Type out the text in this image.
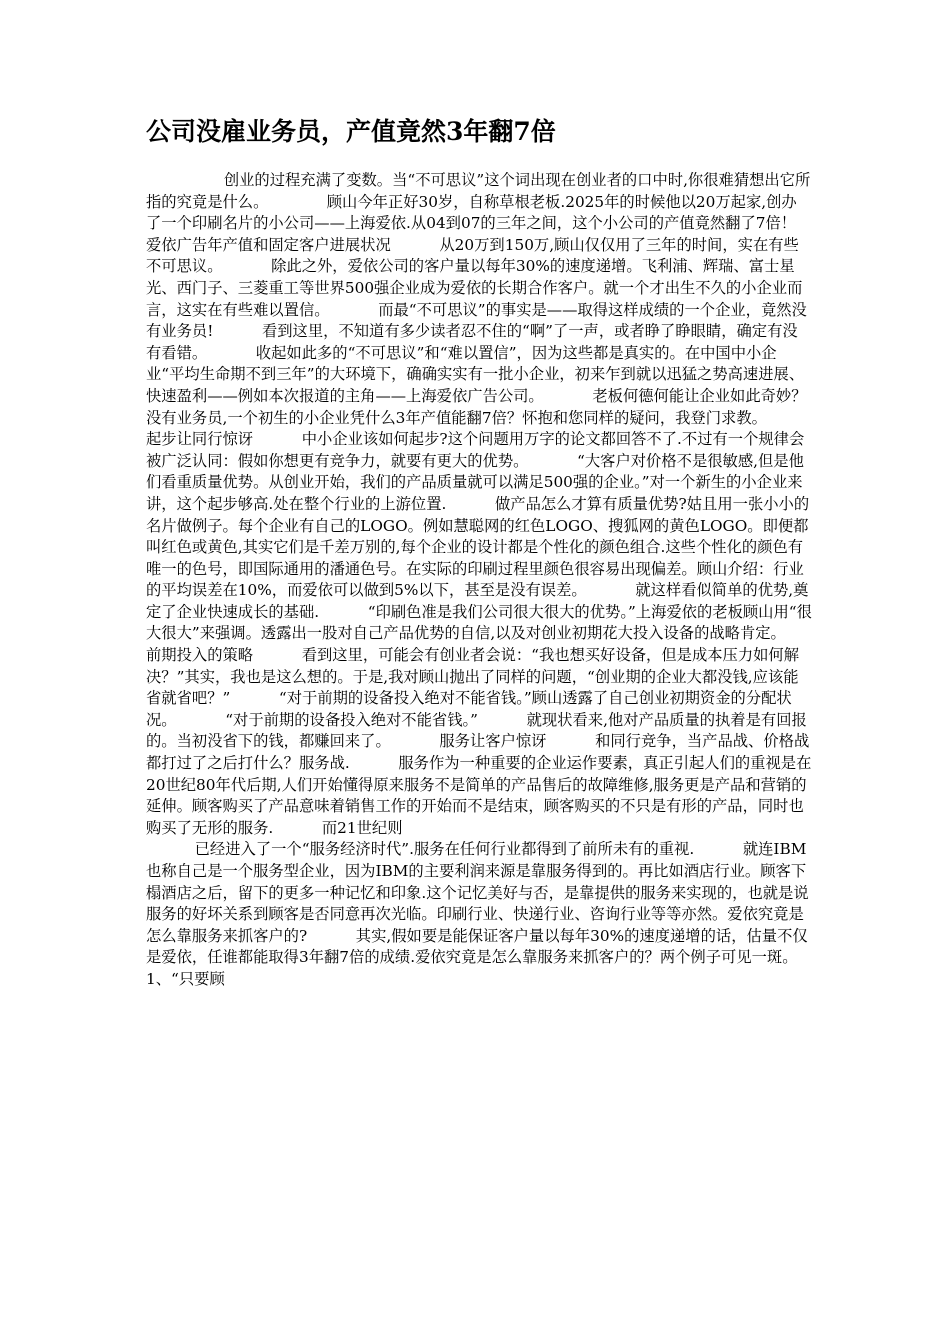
公司没雇业务员，产值竟然3年翻7倍

创业的过程充满了变数。当“不可思议”这个词出现在创业者的口中时,你很难猜想出它所指的究竟是什么。            顾山今年正好30岁，自称草根老板.2025年的时候他以20万起家,创办了一个印刷名片的小公司——上海爱依.从04到07的三年之间，这个小公司的产值竟然翻了7倍！          爱依广告年产值和固定客户进展状况          从20万到150万,顾山仅仅用了三年的时间，实在有些不可思议。          除此之外，爱依公司的客户量以每年30%的速度递增。飞利浦、辉瑞、富士星光、西门子、三菱重工等世界500强企业成为爱依的长期合作客户。就一个才出生不久的小企业而言，这实在有些难以置信。          而最“不可思议”的事实是——取得这样成绩的一个企业，竟然没有业务员!          看到这里，不知道有多少读者忍不住的“啊”了一声，或者睁了睁眼睛，确定有没有看错。          收起如此多的“不可思议”和“难以置信”，因为这些都是真实的。在中国中小企业“平均生命期不到三年”的大环境下，确确实实有一批小企业，初来乍到就以迅猛之势高速进展、快速盈利——例如本次报道的主角——上海爱依广告公司。          老板何德何能让企业如此奇妙？没有业务员,一个初生的小企业凭什么3年产值能翻7倍？怀抱和您同样的疑问，我登门求教。          起步让同行惊讶          中小企业该如何起步?这个问题用万字的论文都回答不了.不过有一个规律会被广泛认同：假如你想更有竞争力，就要有更大的优势。          “大客户对价格不是很敏感,但是他们看重质量优势。从创业开始，我们的产品质量就可以满足500强的企业。”对一个新生的小企业来讲，这个起步够高.处在整个行业的上游位置.          做产品怎么才算有质量优势?姑且用一张小小的名片做例子。每个企业有自己的LOGO。例如慧聪网的红色LOGO、搜狐网的黄色LOGO。即便都叫红色或黄色,其实它们是千差万别的,每个企业的设计都是个性化的颜色组合.这些个性化的颜色有唯一的色号，即国际通用的潘通色号。在实际的印刷过程里颜色很容易出现偏差。顾山介绍：行业的平均误差在10%，而爱依可以做到5%以下，甚至是没有误差。          就这样看似简单的优势,奠定了企业快速成长的基础.          “印刷色准是我们公司很大很大的优势。”上海爱依的老板顾山用“很大很大”来强调。透露出一股对自己产品优势的自信,以及对创业初期花大投入设备的战略肯定。          前期投入的策略          看到这里，可能会有创业者会说：“我也想买好设备，但是成本压力如何解决？”其实，我也是这么想的。于是,我对顾山抛出了同样的问题，“创业期的企业大都没钱,应该能省就省吧？”          “对于前期的设备投入绝对不能省钱。”顾山透露了自己创业初期资金的分配状况。          “对于前期的设备投入绝对不能省钱。”          就现状看来,他对产品质量的执着是有回报的。当初没省下的钱，都赚回来了。          服务让客户惊讶          和同行竞争，当产品战、价格战都打过了之后打什么？服务战.          服务作为一种重要的企业运作要素，真正引起人们的重视是在20世纪80年代后期,人们开始懂得原来服务不是简单的产品售后的故障维修,服务更是产品和营销的延伸。顾客购买了产品意味着销售工作的开始而不是结束，顾客购买的不只是有形的产品，同时也购买了无形的服务.          而21世纪则
已经进入了一个“服务经济时代”.服务在任何行业都得到了前所未有的重视.          就连IBM也称自己是一个服务型企业，因为IBM的主要利润来源是靠服务得到的。再比如酒店行业。顾客下榻酒店之后，留下的更多一种记忆和印象.这个记忆美好与否，是靠提供的服务来实现的，也就是说服务的好坏关系到顾客是否同意再次光临。印刷行业、快递行业、咨询行业等等亦然。爱依究竟是怎么靠服务来抓客户的?          其实,假如要是能保证客户量以每年30%的速度递增的话，估量不仅是爱依，任谁都能取得3年翻7倍的成绩.爱依究竟是怎么靠服务来抓客户的？两个例子可见一斑。          1、“只要顾
